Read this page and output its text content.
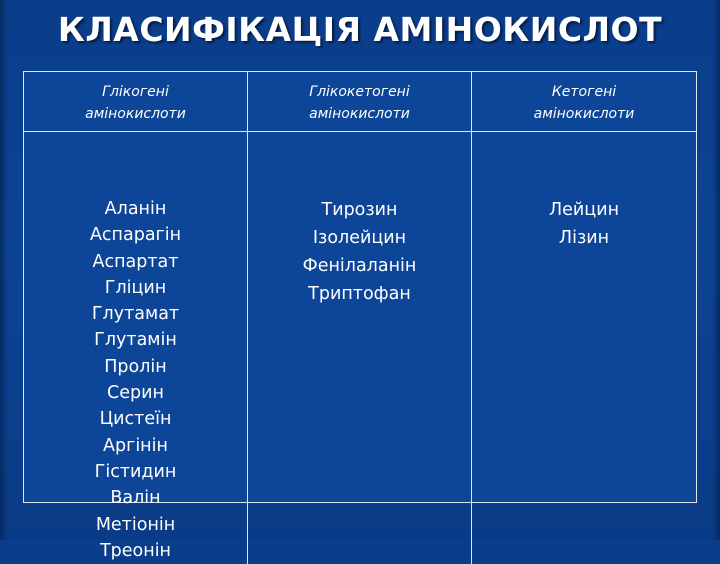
КЛАСИФІКАЦІЯ АМІНОКИСЛОТ
Глікогені
амінокислоти
Глікокетогені
амінокислоти
Кетогені
амінокислоти
Аланін
Аспарагін
Аспартат
Гліцин
Глутамат
Глутамін
Пролін
Серин
Цистеїн
Аргінін
Гістидин
Валін
Метіонін
Треонін
Тирозин
Ізолейцин
Фенілаланін
Триптофан
Лейцин
Лізин
